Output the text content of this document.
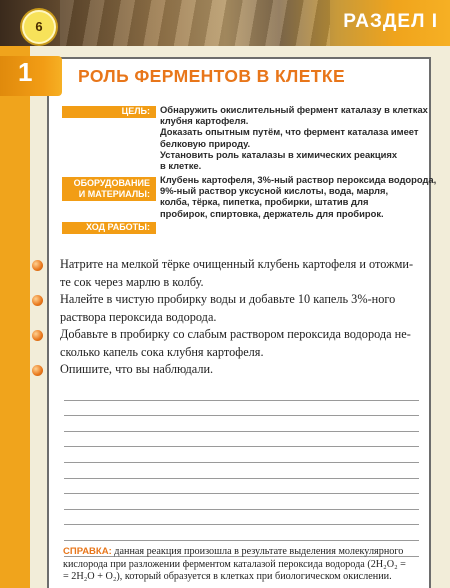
6	РАЗДЕЛ I
1	РОЛЬ ФЕРМЕНТОВ В КЛЕТКЕ
ЦЕЛЬ:	Обнаружить окислительный фермент каталазу в клетках
клубня картофеля.
Доказать опытным путём, что фермент каталаза имеет
белковую природу.
Установить роль каталазы в химических реакциях
в клетке.
ОБОРУДОВАНИЕ
И МАТЕРИАЛЫ:
Клубень картофеля, 3%-ный раствор пероксида водорода,
9%-ный раствор уксусной кислоты, вода, марля,
колба, тёрка, пипетка, пробирки, штатив для
пробирок, спиртовка, держатель для пробирок.
ХОД РАБОТЫ:
Натрите на мелкой тёрке очищенный клубень картофеля и отожми-
те сок через марлю в колбу.
Налейте в чистую пробирку воды и добавьте 10 капель 3%-ного
раствора пероксида водорода.
Добавьте в пробирку со слабым раствором пероксида водорода не-
сколько капель сока клубня картофеля.
Опишите, что вы наблюдали.
СПРАВКА: данная реакция произошла в результате выделения молекулярного
кислорода при разложении ферментом каталазой пероксида водорода (2H₂O₂ =
= 2H₂O + O₂), который образуется в клетках при биологическом окислении.
